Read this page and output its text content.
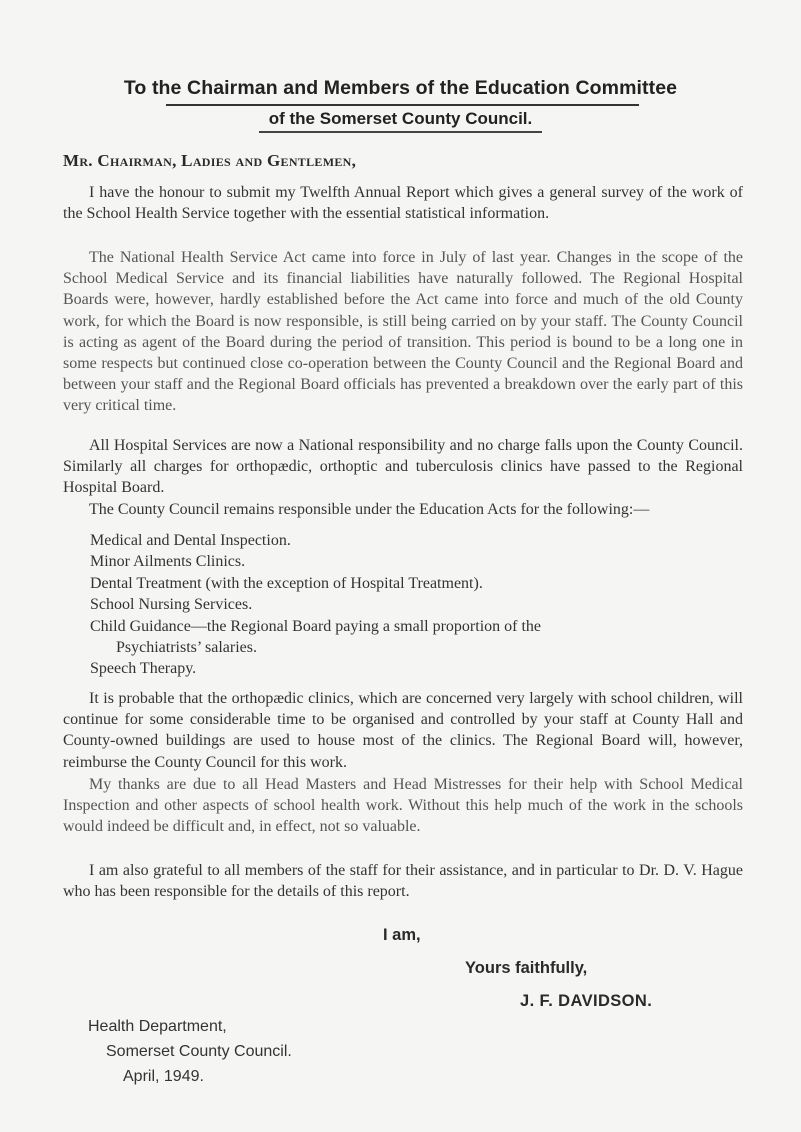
To the Chairman and Members of the Education Committee
of the Somerset County Council.
Mr. Chairman, Ladies and Gentlemen,

I have the honour to submit my Twelfth Annual Report which gives a general survey of the work of the School Health Service together with the essential statistical information.

The National Health Service Act came into force in July of last year. Changes in the scope of the School Medical Service and its financial liabilities have naturally followed. The Regional Hospital Boards were, however, hardly established before the Act came into force and much of the old County work, for which the Board is now responsible, is still being carried on by your staff. The County Council is acting as agent of the Board during the period of transition. This period is bound to be a long one in some respects but continued close co-operation between the County Council and the Regional Board and between your staff and the Regional Board officials has prevented a breakdown over the early part of this very critical time.

All Hospital Services are now a National responsibility and no charge falls upon the County Council. Similarly all charges for orthopædic, orthoptic and tuberculosis clinics have passed to the Regional Hospital Board.

The County Council remains responsible under the Education Acts for the following:—

Medical and Dental Inspection.
Minor Ailments Clinics.
Dental Treatment (with the exception of Hospital Treatment).
School Nursing Services.
Child Guidance—the Regional Board paying a small proportion of the
Psychiatrists’ salaries.
Speech Therapy.

It is probable that the orthopædic clinics, which are concerned very largely with school children, will continue for some considerable time to be organised and controlled by your staff at County Hall and County-owned buildings are used to house most of the clinics. The Regional Board will, however, reimburse the County Council for this work.

My thanks are due to all Head Masters and Head Mistresses for their help with School Medical Inspection and other aspects of school health work. Without this help much of the work in the schools would indeed be difficult and, in effect, not so valuable.

I am also grateful to all members of the staff for their assistance, and in particular to Dr. D. V. Hague who has been responsible for the details of this report.

I am,
Yours faithfully,
J. F. DAVIDSON.
Health Department,
Somerset County Council.
April, 1949.
